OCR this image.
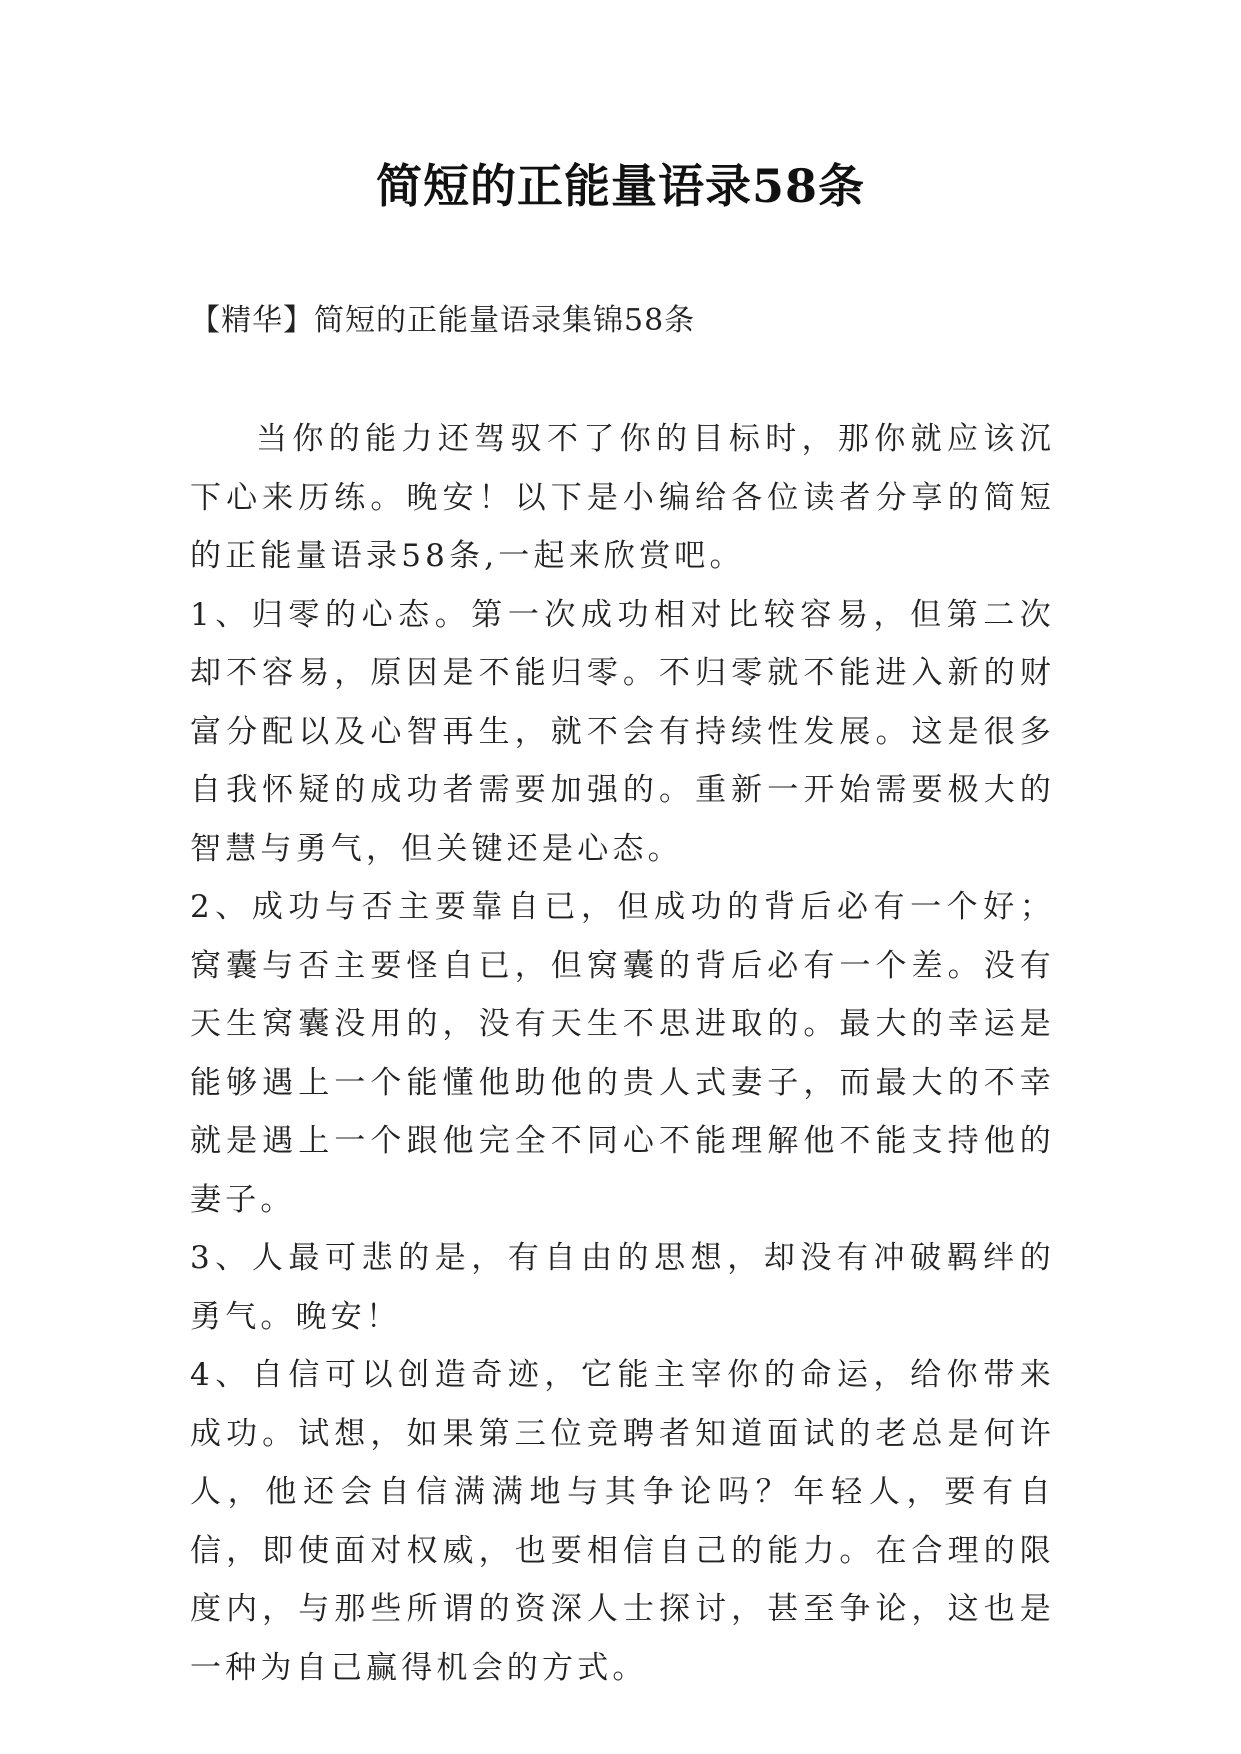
简短的正能量语录58条
【精华】简短的正能量语录集锦58条

当你的能力还驾驭不了你的目标时，那你就应该沉下心来历练。晚安！以下是小编给各位读者分享的简短的正能量语录58条,一起来欣赏吧。

1、归零的心态。第一次成功相对比较容易，但第二次却不容易，原因是不能归零。不归零就不能进入新的财富分配以及心智再生，就不会有持续性发展。这是很多自我怀疑的成功者需要加强的。重新一开始需要极大的智慧与勇气，但关键还是心态。

2、成功与否主要靠自已，但成功的背后必有一个好；窝囊与否主要怪自已，但窝囊的背后必有一个差。没有天生窝囊没用的，没有天生不思进取的。最大的幸运是能够遇上一个能懂他助他的贵人式妻子，而最大的不幸就是遇上一个跟他完全不同心不能理解他不能支持他的妻子。

3、人最可悲的是，有自由的思想，却没有冲破羁绊的勇气。晚安！

4、自信可以创造奇迹，它能主宰你的命运，给你带来成功。试想，如果第三位竞聘者知道面试的老总是何许人，他还会自信满满地与其争论吗？年轻人，要有自信，即使面对权威，也要相信自己的能力。在合理的限度内，与那些所谓的资深人士探讨，甚至争论，这也是一种为自己赢得机会的方式。
